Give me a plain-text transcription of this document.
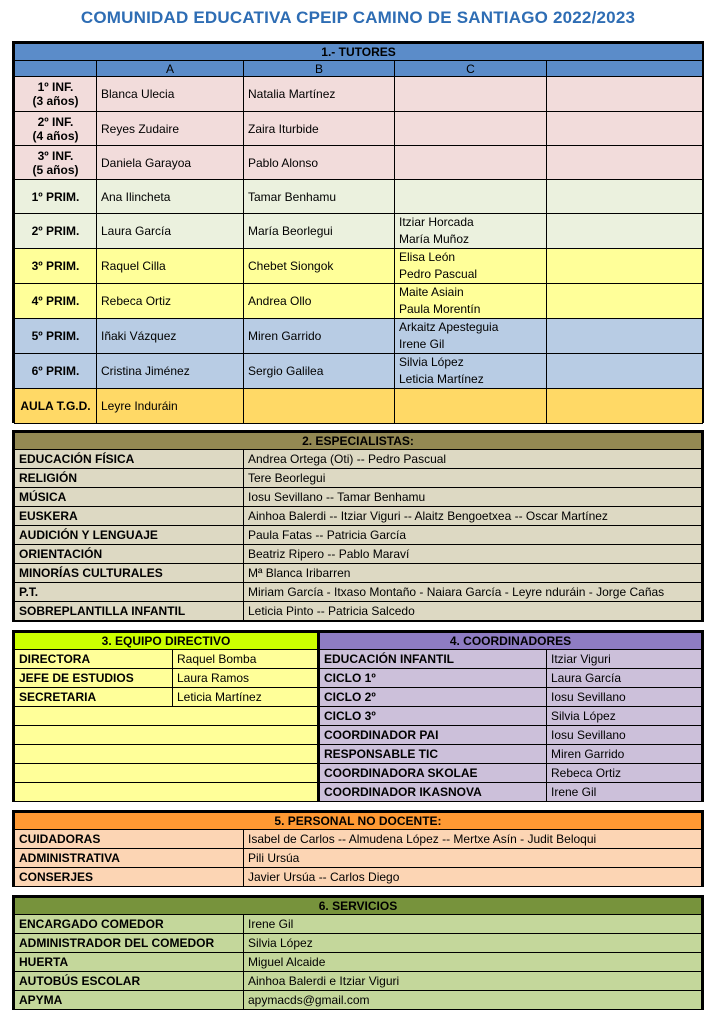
COMUNIDAD EDUCATIVA CPEIP CAMINO DE SANTIAGO 2022/2023
1.- TUTORES				
	A	B	C	

1º INF.
(3 años)	Blanca Ulecia	Natalia Martínez	

2º INF.
(4 años)	Reyes Zudaire	Zaira Iturbide	

3º INF.
(5 años)	Daniela Garayoa	Pablo Alonso	

1º PRIM.	Ana Ilincheta	Tamar Benhamu	

2º PRIM.	Laura García	María Beorlegui	Itziar Horcada
María Muñoz	

3º PRIM.	Raquel Cilla	Chebet Siongok	Elisa León
Pedro Pascual	

4º PRIM.	Rebeca Ortiz	Andrea Ollo	Maite Asiain
Paula Morentín	

5º PRIM.	Iñaki Vázquez	Miren Garrido	Arkaitz Apesteguia
Irene Gil	

6º PRIM.	Cristina Jiménez	Sergio Galilea	Silvia López
Leticia Martínez	

AULA T.G.D.	Leyre Induráin		

2. ESPECIALISTAS:	
EDUCACIÓN FÍSICA	Andrea Ortega (Oti) -- Pedro Pascual
RELIGIÓN	Tere Beorlegui
MÚSICA	Iosu Sevillano -- Tamar Benhamu
EUSKERA	Ainhoa Balerdi -- Itziar Viguri -- Alaitz Bengoetxea -- Oscar Martínez
AUDICIÓN Y LENGUAJE	Paula Fatas -- Patricia García
ORIENTACIÓN	Beatriz Ripero -- Pablo Maraví
MINORÍAS CULTURALES	Mª Blanca Iribarren
P.T.	Miriam García - Itxaso Montaño - Naiara García - Leyre nduráin - Jorge Cañas
SOBREPLANTILLA INFANTIL	Leticia Pinto -- Patricia Salcedo
3. EQUIPO DIRECTIVO	
DIRECTORA	Raquel Bomba
JEFE DE ESTUDIOS	Laura Ramos
SECRETARIA	Leticia Martínez

4. COORDINADORES	
EDUCACIÓN INFANTIL	Itziar Viguri
CICLO 1º	Laura García
CICLO 2º	Iosu Sevillano
CICLO 3º	Silvia López
COORDINADOR PAI	Iosu Sevillano
RESPONSABLE TIC	Miren Garrido
COORDINADORA SKOLAE	Rebeca Ortiz
COORDINADOR IKASNOVA	Irene Gil
5. PERSONAL NO DOCENTE:	
CUIDADORAS	Isabel de Carlos -- Almudena López -- Mertxe Asín - Judit Beloqui
ADMINISTRATIVA	Pili Ursúa
CONSERJES	Javier Ursúa -- Carlos Diego
6. SERVICIOS	
ENCARGADO COMEDOR	Irene Gil
ADMINISTRADOR DEL COMEDOR	Silvia López
HUERTA	Miguel Alcaide
AUTOBÚS ESCOLAR	Ainhoa Balerdi e Itziar Viguri
APYMA	apymacds@gmail.com
